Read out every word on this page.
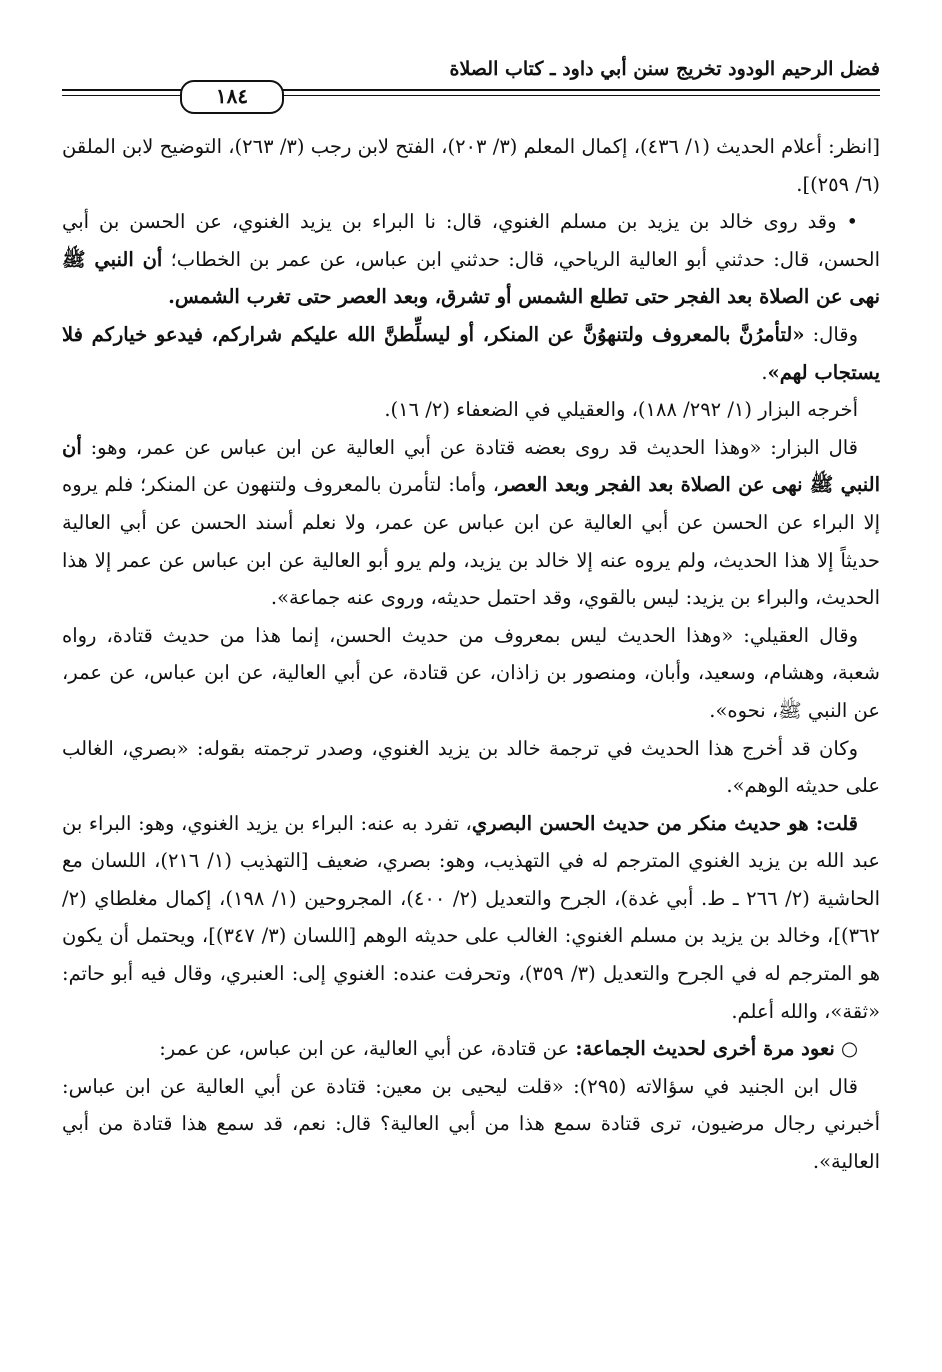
فضل الرحيم الودود تخريج سنن أبي داود ـ كتاب الصلاة
١٨٤

[انظر: أعلام الحديث (١/ ٤٣٦)، إكمال المعلم (٣/ ٢٠٣)، الفتح لابن رجب (٣/ ٢٦٣)، التوضيح لابن الملقن (٦/ ٢٥٩)].

• وقد روى خالد بن يزيد بن مسلم الغنوي، قال: نا البراء بن يزيد الغنوي، عن الحسن بن أبي الحسن، قال: حدثني أبو العالية الرياحي، قال: حدثني ابن عباس، عن عمر بن الخطاب؛ أن النبي ﷺ نهى عن الصلاة بعد الفجر حتى تطلع الشمس أو تشرق، وبعد العصر حتى تغرب الشمس.

وقال: «لتأمرُنَّ بالمعروف ولتنهوُنَّ عن المنكر، أو ليسلِّطنَّ الله عليكم شراركم، فيدعو خياركم فلا يستجاب لهم».

أخرجه البزار (١/ ٢٩٢/ ١٨٨)، والعقيلي في الضعفاء (٢/ ١٦).

قال البزار: «وهذا الحديث قد روى بعضه قتادة عن أبي العالية عن ابن عباس عن عمر، وهو: أن النبي ﷺ نهى عن الصلاة بعد الفجر وبعد العصر، وأما: لتأمرن بالمعروف ولتنهون عن المنكر؛ فلم يروه إلا البراء عن الحسن عن أبي العالية عن ابن عباس عن عمر، ولا نعلم أسند الحسن عن أبي العالية حديثاً إلا هذا الحديث، ولم يروه عنه إلا خالد بن يزيد، ولم يرو أبو العالية عن ابن عباس عن عمر إلا هذا الحديث، والبراء بن يزيد: ليس بالقوي، وقد احتمل حديثه، وروى عنه جماعة».

وقال العقيلي: «وهذا الحديث ليس بمعروف من حديث الحسن، إنما هذا من حديث قتادة، رواه شعبة، وهشام، وسعيد، وأبان، ومنصور بن زاذان، عن قتادة، عن أبي العالية، عن ابن عباس، عن عمر، عن النبي ﷺ، نحوه».

وكان قد أخرج هذا الحديث في ترجمة خالد بن يزيد الغنوي، وصدر ترجمته بقوله: «بصري، الغالب على حديثه الوهم».

قلت: هو حديث منكر من حديث الحسن البصري، تفرد به عنه: البراء بن يزيد الغنوي، وهو: البراء بن عبد الله بن يزيد الغنوي المترجم له في التهذيب، وهو: بصري، ضعيف [التهذيب (١/ ٢١٦)، اللسان مع الحاشية (٢/ ٢٦٦ ـ ط. أبي غدة)، الجرح والتعديل (٢/ ٤٠٠)، المجروحين (١/ ١٩٨)، إكمال مغلطاي (٢/ ٣٦٢)]، وخالد بن يزيد بن مسلم الغنوي: الغالب على حديثه الوهم [اللسان (٣/ ٣٤٧)]، ويحتمل أن يكون هو المترجم له في الجرح والتعديل (٣/ ٣٥٩)، وتحرفت عنده: الغنوي إلى: العنبري، وقال فيه أبو حاتم: «ثقة»، والله أعلم.

○ نعود مرة أخرى لحديث الجماعة: عن قتادة، عن أبي العالية، عن ابن عباس، عن عمر:

قال ابن الجنيد في سؤالاته (٢٩٥): «قلت ليحيى بن معين: قتادة عن أبي العالية عن ابن عباس: أخبرني رجال مرضيون، ترى قتادة سمع هذا من أبي العالية؟ قال: نعم، قد سمع هذا قتادة من أبي العالية».
